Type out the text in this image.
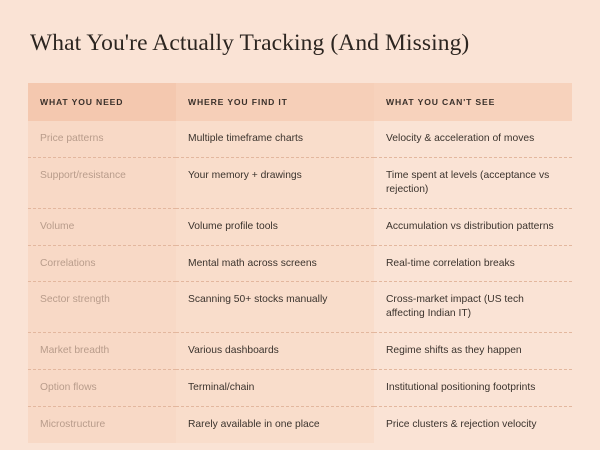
What You're Actually Tracking (And Missing)
WHAT YOU NEED	WHERE YOU FIND IT	WHAT YOU CAN'T SEE
Price patterns	Multiple timeframe charts	Velocity & acceleration of moves
Support/resistance	Your memory + drawings	Time spent at levels (acceptance vs rejection)
Volume	Volume profile tools	Accumulation vs distribution patterns
Correlations	Mental math across screens	Real-time correlation breaks
Sector strength	Scanning 50+ stocks manually	Cross-market impact (US tech affecting Indian IT)
Market breadth	Various dashboards	Regime shifts as they happen
Option flows	Terminal/chain	Institutional positioning footprints
Microstructure	Rarely available in one place	Price clusters & rejection velocity
